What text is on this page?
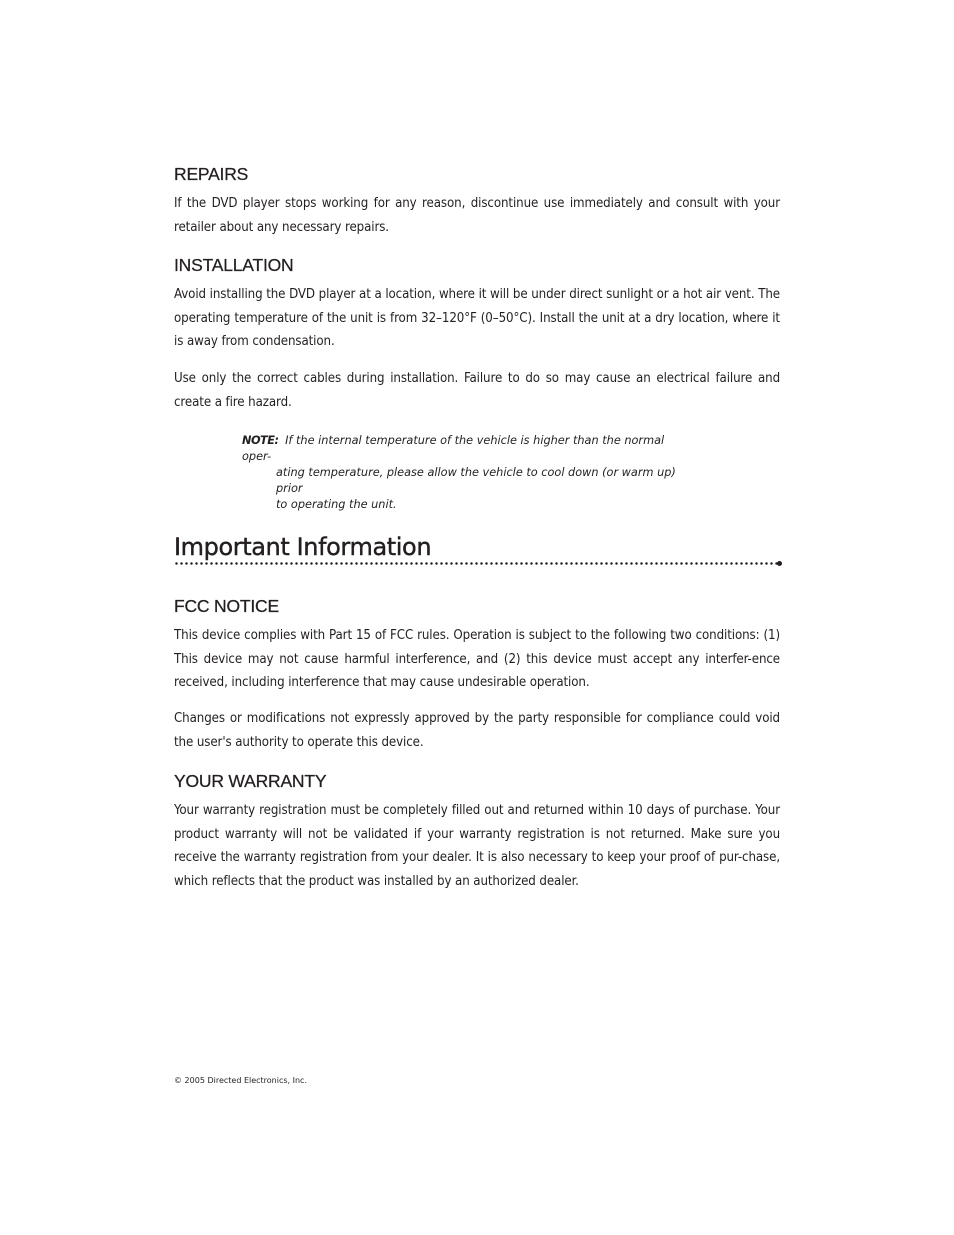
REPAIRS

If the DVD player stops working for any reason, discontinue use immediately and consult with your retailer about any necessary repairs.

INSTALLATION

Avoid installing the DVD player at a location, where it will be under direct sunlight or a hot air vent. The operating temperature of the unit is from 32–120°F (0–50°C). Install the unit at a dry location, where it is away from condensation.

Use only the correct cables during installation. Failure to do so may cause an electrical failure and create a fire hazard.

NOTE: If the internal temperature of the vehicle is higher than the normal oper-
ating temperature, please allow the vehicle to cool down (or warm up) prior
to operating the unit.
Important Information
FCC NOTICE

This device complies with Part 15 of FCC rules. Operation is subject to the following two conditions: (1) This device may not cause harmful interference, and (2) this device must accept any interfer-ence received, including interference that may cause undesirable operation.

Changes or modifications not expressly approved by the party responsible for compliance could void the user's authority to operate this device.

YOUR WARRANTY

Your warranty registration must be completely filled out and returned within 10 days of purchase. Your product warranty will not be validated if your warranty registration is not returned. Make sure you receive the warranty registration from your dealer. It is also necessary to keep your proof of pur-chase, which reflects that the product was installed by an authorized dealer.

© 2005 Directed Electronics, Inc.
